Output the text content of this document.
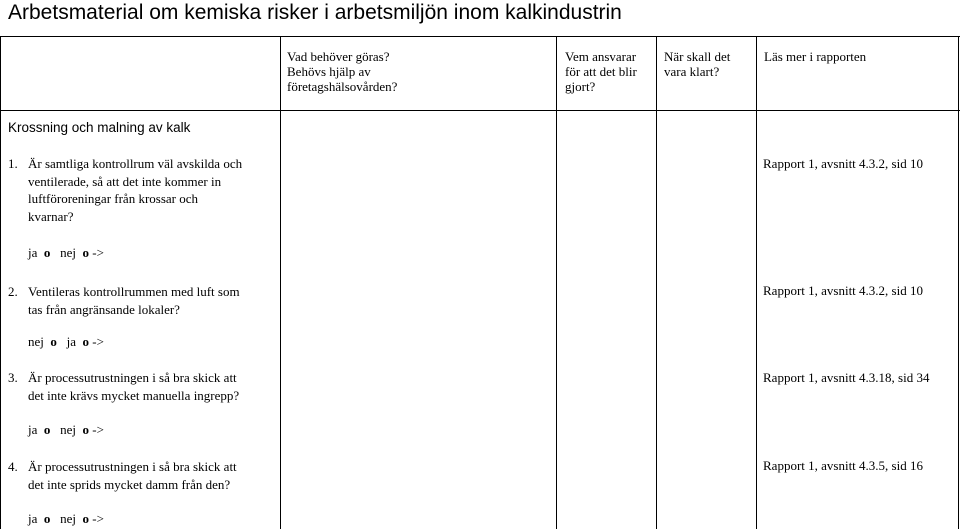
Arbetsmaterial om kemiska risker i arbetsmiljön inom kalkindustrin
Vad behöver göras?
Behövs hjälp av
företagshälsovården?
Vem ansvarar
för att det blir
gjort?
När skall det
vara klart?
Läs mer i rapporten
Krossning och malning av kalk
1. Är samtliga kontrollrum väl avskilda och
ventilerade, så att det inte kommer in
luftföroreningar från krossar och
kvarnar?
Rapport 1, avsnitt 4.3.2, sid 10
ja o nej o ->
2. Ventileras kontrollrummen med luft som
tas från angränsande lokaler?
Rapport 1, avsnitt 4.3.2, sid 10
nej o ja o ->
3. Är processutrustningen i så bra skick att
det inte krävs mycket manuella ingrepp?
Rapport 1, avsnitt 4.3.18, sid 34
ja o nej o ->
4. Är processutrustningen i så bra skick att
det inte sprids mycket damm från den?
Rapport 1, avsnitt 4.3.5, sid 16
ja o nej o ->
